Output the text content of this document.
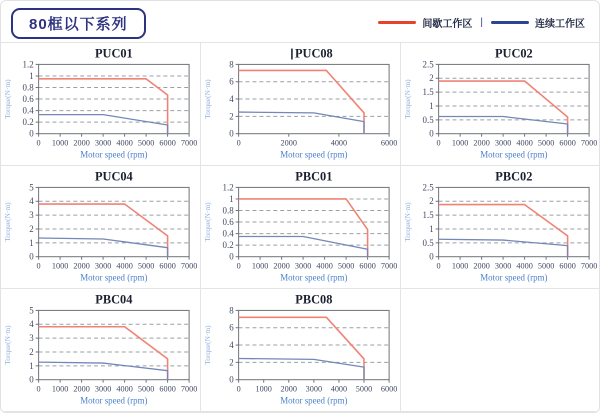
80框以下系列	间歇工作区 |	连续工作区
0
0.2
0.4
0.6
0.8
1
1.2
0 1000 2000 3000 4000 5000 6000 7000
Torque(N·m)
Motor speed (rpm)
PUC01
0
2
4
6
8
0	2000	4000	6000
Torque(N·m)
Motor speed (rpm)
PUC08
0
0.5
1
1.5
2
2.5
0 1000 2000 3000 4000 5000 6000 7000
Torque(N·m)
Motor speed (rpm)
PUC02
0
1
2
3
4
5
0 1000 2000 3000 4000 5000 6000 7000
Torque(N·m)
Motor speed (rpm)
PUC04
0
0.2
0.4
0.6
0.8
1
1.2
0 1000 2000 3000 4000 5000 6000 7000
Torque(N·m)
Motor speed (rpm)
PBC01
0
0.5
1
1.5
2
2.5
0 1000 2000 3000 4000 5000 6000 7000
Torque(N·m)
Motor speed (rpm)
PBC02
0
1
2
3
4
5
0 1000 2000 3000 4000 5000 6000 7000
Torque(N·m)
Motor speed (rpm)
PBC04
0
2
4
6
8
0 1000 2000 3000 4000 5000 6000
Torque(N·m)
Motor speed (rpm)
PBC08
